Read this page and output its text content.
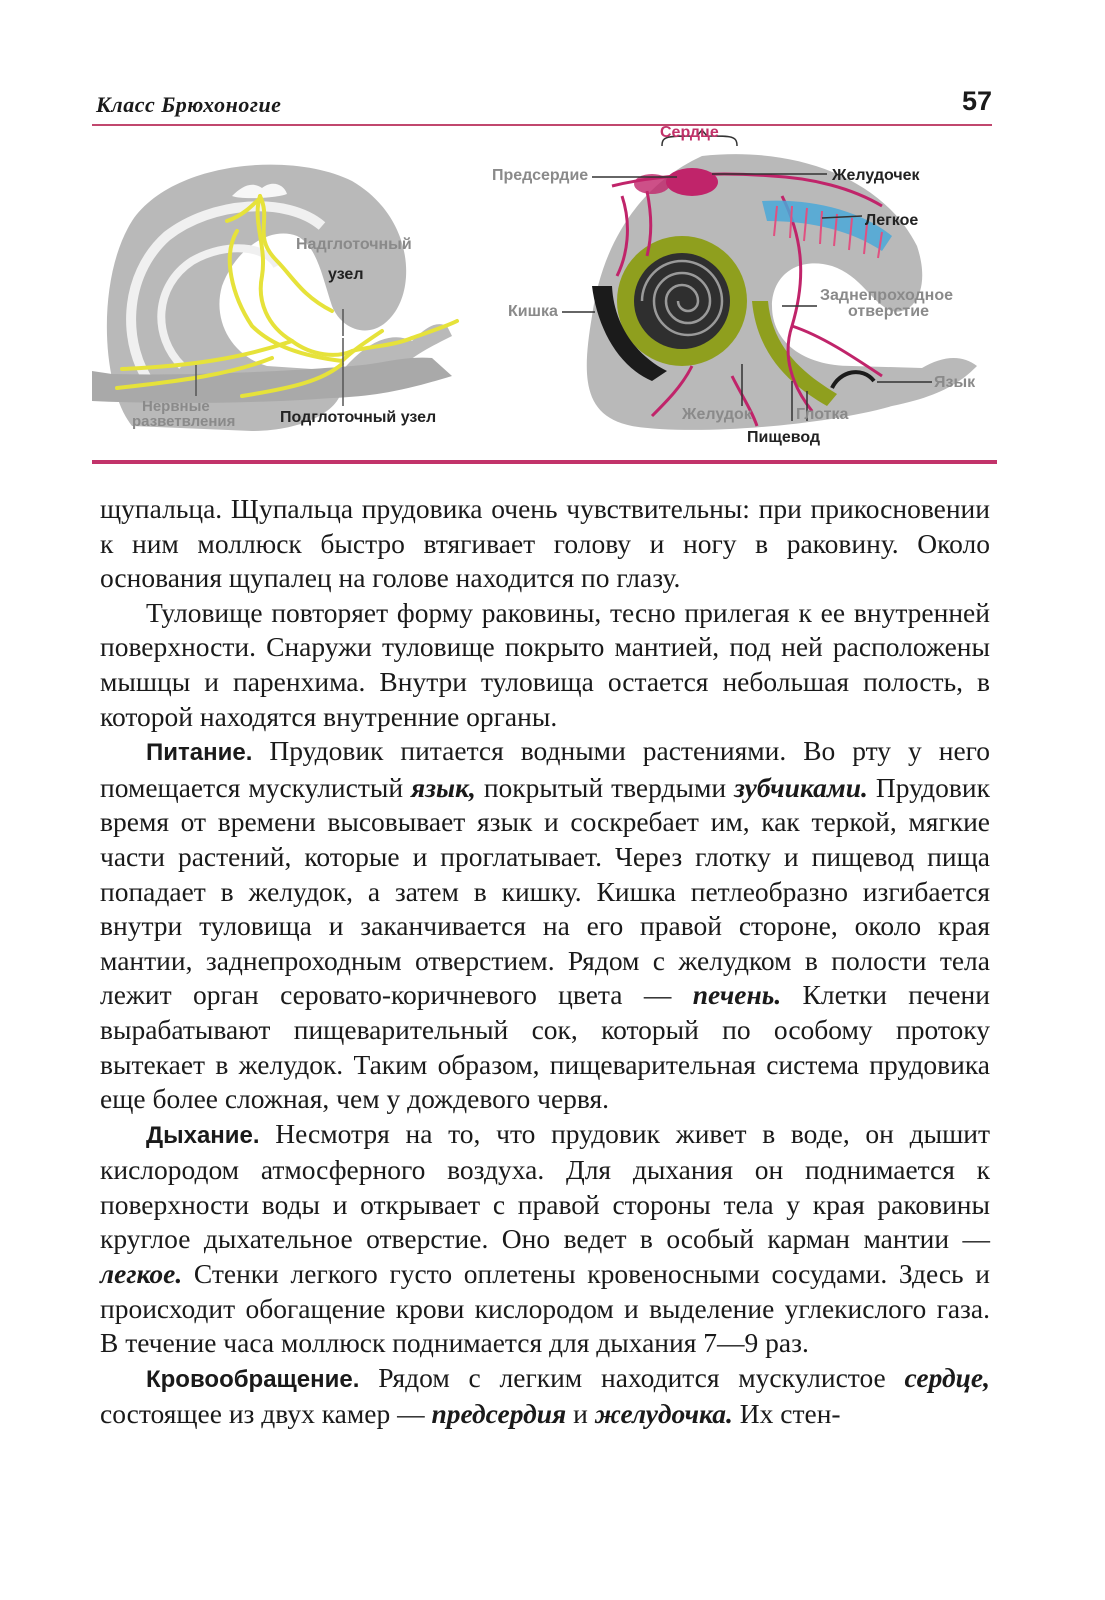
Класс Брюхоногие	57
Надглоточный
узел
Нервные
разветвления	Подглоточный узел
Сердце
Предсердие	Желудочек
Легкое
Кишка
Заднепроходное
отверстие
Язык
Желудок	Глотка
Пищевод

щупальца. Щупальца прудовика очень чувствительны: при прикосновении к ним моллюск быстро втягивает голову и ногу в раковину. Около основания щупалец на голове находится по глазу.

Туловище повторяет форму раковины, тесно прилегая к ее внутренней поверхности. Снаружи туловище покрыто мантией, под ней расположены мышцы и паренхима. Внутри туловища остается небольшая полость, в которой находятся внутренние органы.

Питание. Прудовик питается водными растениями. Во рту у него помещается мускулистый язык, покрытый твердыми зубчиками. Прудовик время от времени высовывает язык и соскребает им, как теркой, мягкие части растений, которые и проглатывает. Через глотку и пищевод пища попадает в желудок, а затем в кишку. Кишка петлеобразно изгибается внутри туловища и заканчивается на его правой стороне, около края мантии, заднепроходным отверстием. Рядом с желудком в полости тела лежит орган серовато-коричневого цвета — печень. Клетки печени вырабатывают пищеварительный сок, который по особому протоку вытекает в желудок. Таким образом, пищеварительная система прудовика еще более сложная, чем у дождевого червя.

Дыхание. Несмотря на то, что прудовик живет в воде, он дышит кислородом атмосферного воздуха. Для дыхания он поднимается к поверхности воды и открывает с правой стороны тела у края раковины круглое дыхательное отверстие. Оно ведет в особый карман мантии — легкое. Стенки легкого густо оплетены кровеносными сосудами. Здесь и происходит обогащение крови кислородом и выделение углекислого газа. В течение часа моллюск поднимается для дыхания 7—9 раз.

Кровообращение. Рядом с легким находится мускулистое сердце, состоящее из двух камер — предсердия и желудочка. Их стен-
